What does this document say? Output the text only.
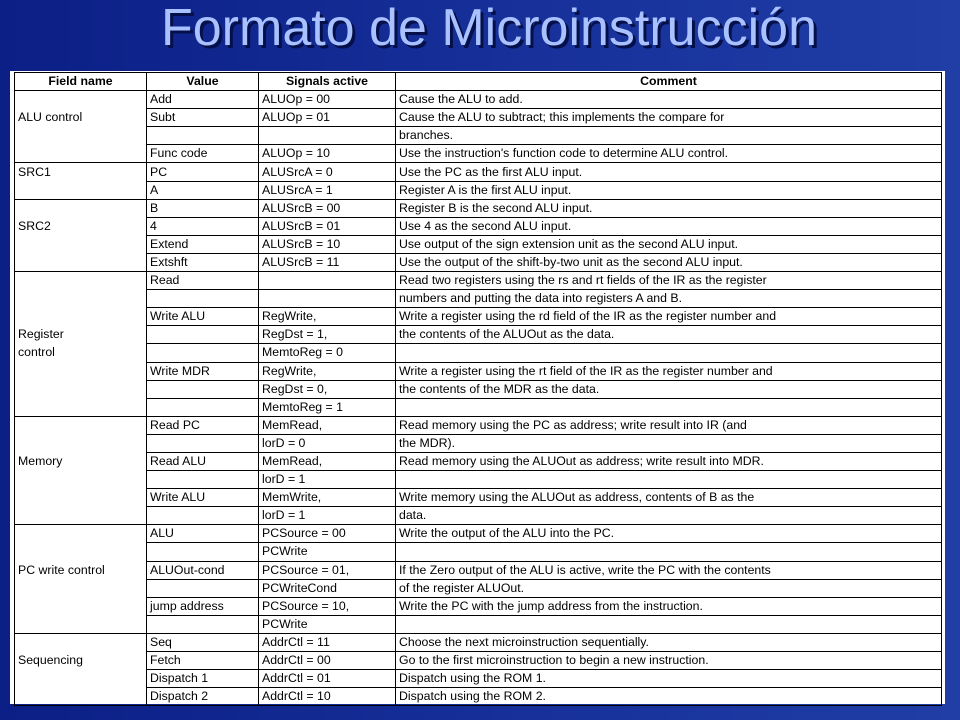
Formato de Microinstrucción
Field name	Value	Signals active	Comment
	Add	ALUOp = 00	Cause the ALU to add.
ALU control	Subt	ALUOp = 01	Cause the ALU to subtract; this implements the compare for
			branches.
	Func code	ALUOp = 10	Use the instruction's function code to determine ALU control.
SRC1	PC	ALUSrcA = 0	Use the PC as the first ALU input.
	A	ALUSrcA = 1	Register A is the first ALU input.
	B	ALUSrcB = 00	Register B is the second ALU input.
SRC2	4	ALUSrcB = 01	Use 4 as the second ALU input.
	Extend	ALUSrcB = 10	Use output of the sign extension unit as the second ALU input.
	Extshft	ALUSrcB = 11	Use the output of the shift-by-two unit as the second ALU input.
	Read		Read two registers using the rs and rt fields of the IR as the register
			numbers and putting the data into registers A and B.
	Write ALU	RegWrite,	Write a register using the rd field of the IR as the register number and
Register		RegDst = 1,	the contents of the ALUOut as the data.
control		MemtoReg = 0	
	Write MDR	RegWrite,	Write a register using the rt field of the IR as the register number and
		RegDst = 0,	the contents of the MDR as the data.
		MemtoReg = 1	
	Read PC	MemRead,	Read memory using the PC as address; write result into IR (and
		lorD = 0	the MDR).
Memory	Read ALU	MemRead,	Read memory using the ALUOut as address; write result into MDR.
		lorD = 1	
	Write ALU	MemWrite,	Write memory using the ALUOut as address, contents of B as the
		lorD = 1	data.
	ALU	PCSource = 00	Write the output of the ALU into the PC.
		PCWrite	
PC write control	ALUOut-cond	PCSource = 01,	If the Zero output of the ALU is active, write the PC with the contents
		PCWriteCond	of the register ALUOut.
	jump address	PCSource = 10,	Write the PC with the jump address from the instruction.
		PCWrite	
	Seq	AddrCtl = 11	Choose the next microinstruction sequentially.
Sequencing	Fetch	AddrCtl = 00	Go to the first microinstruction to begin a new instruction.
	Dispatch 1	AddrCtl = 01	Dispatch using the ROM 1.
	Dispatch 2	AddrCtl = 10	Dispatch using the ROM 2.
